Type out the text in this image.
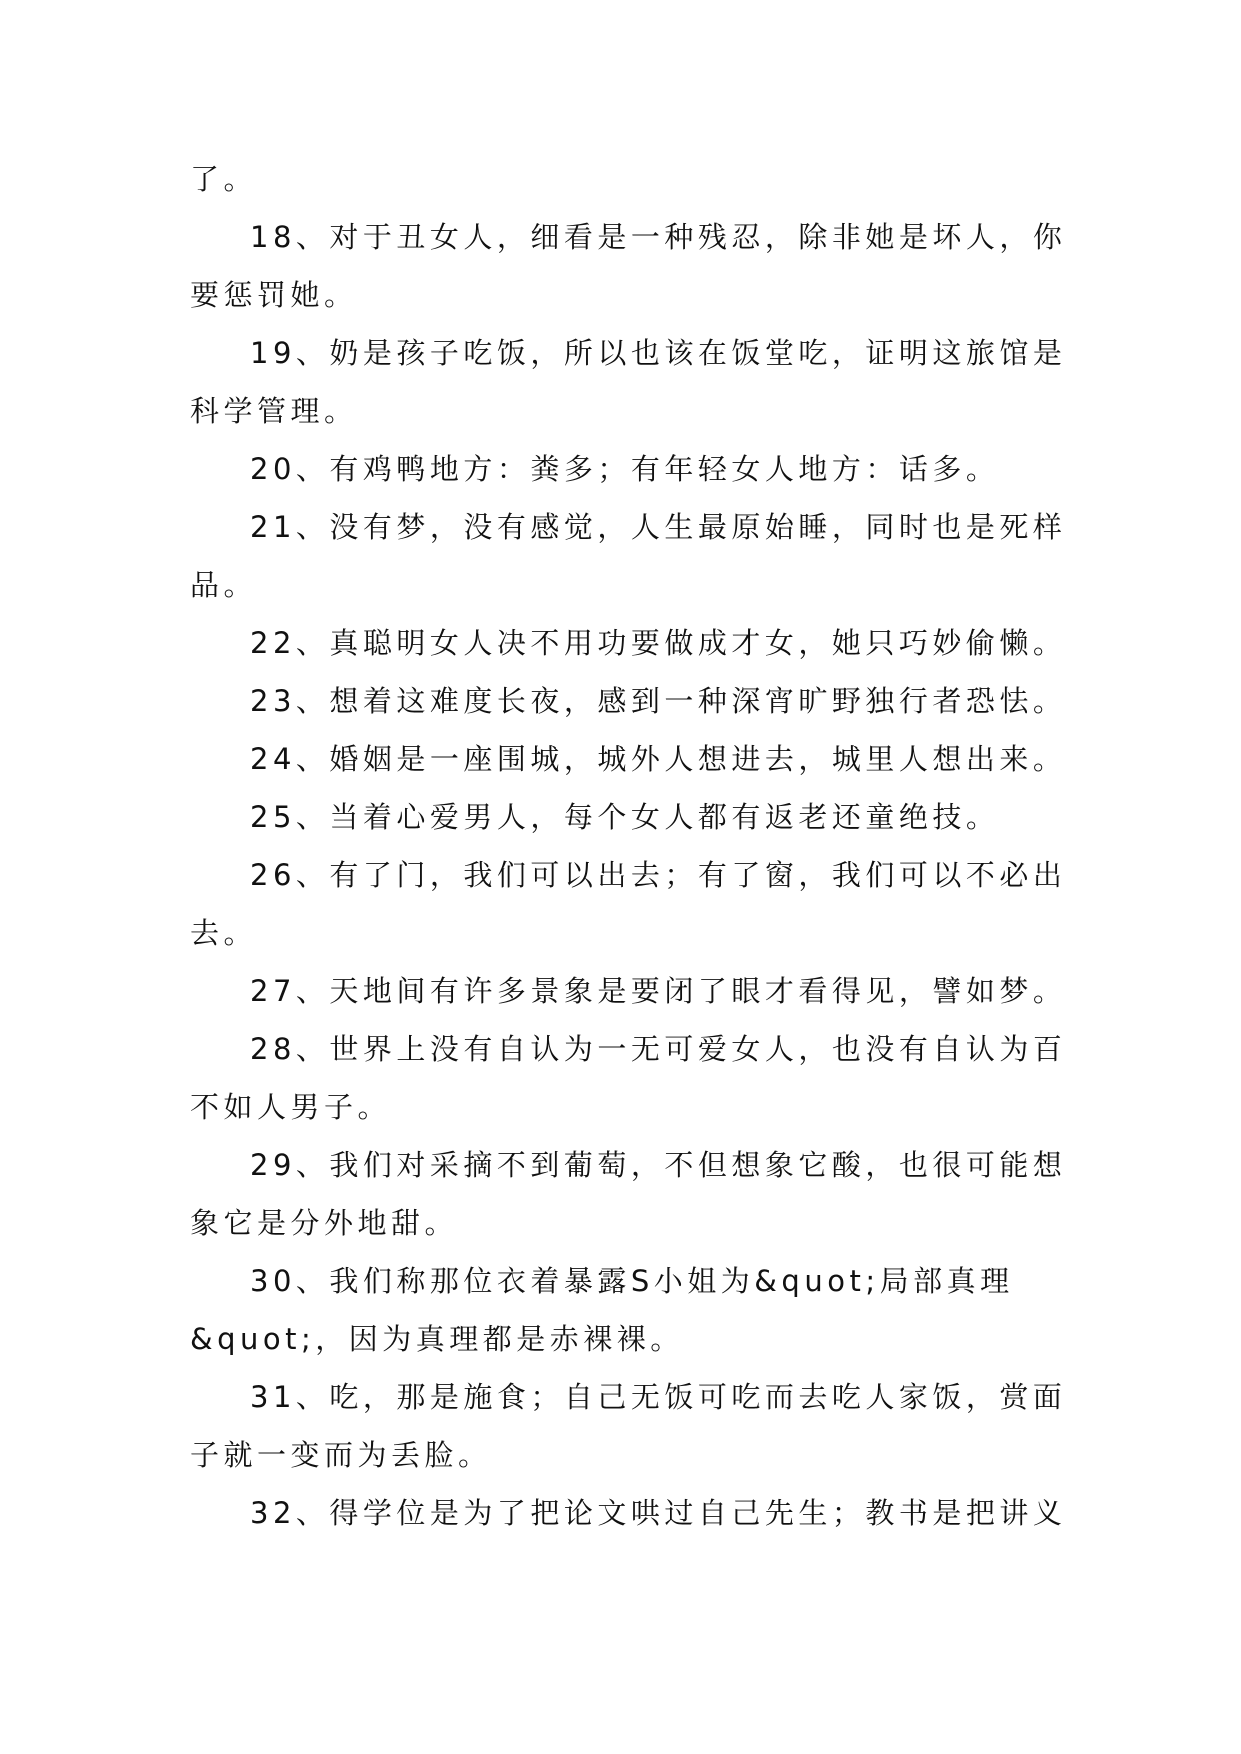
了。
18、对于丑女人，细看是一种残忍，除非她是坏人，你
要惩罚她。
19、奶是孩子吃饭，所以也该在饭堂吃，证明这旅馆是
科学管理。
20、有鸡鸭地方：粪多；有年轻女人地方：话多。
21、没有梦，没有感觉，人生最原始睡，同时也是死样
品。
22、真聪明女人决不用功要做成才女，她只巧妙偷懒。
23、想着这难度长夜，感到一种深宵旷野独行者恐怯。
24、婚姻是一座围城，城外人想进去，城里人想出来。
25、当着心爱男人，每个女人都有返老还童绝技。
26、有了门，我们可以出去；有了窗，我们可以不必出
去。
27、天地间有许多景象是要闭了眼才看得见，譬如梦。
28、世界上没有自认为一无可爱女人，也没有自认为百
不如人男子。
29、我们对采摘不到葡萄，不但想象它酸，也很可能想
象它是分外地甜。
30、我们称那位衣着暴露S小姐为&quot;局部真理
&quot;，因为真理都是赤裸裸。
31、吃，那是施食；自己无饭可吃而去吃人家饭，赏面
子就一变而为丢脸。
32、得学位是为了把论文哄过自己先生；教书是把讲义
